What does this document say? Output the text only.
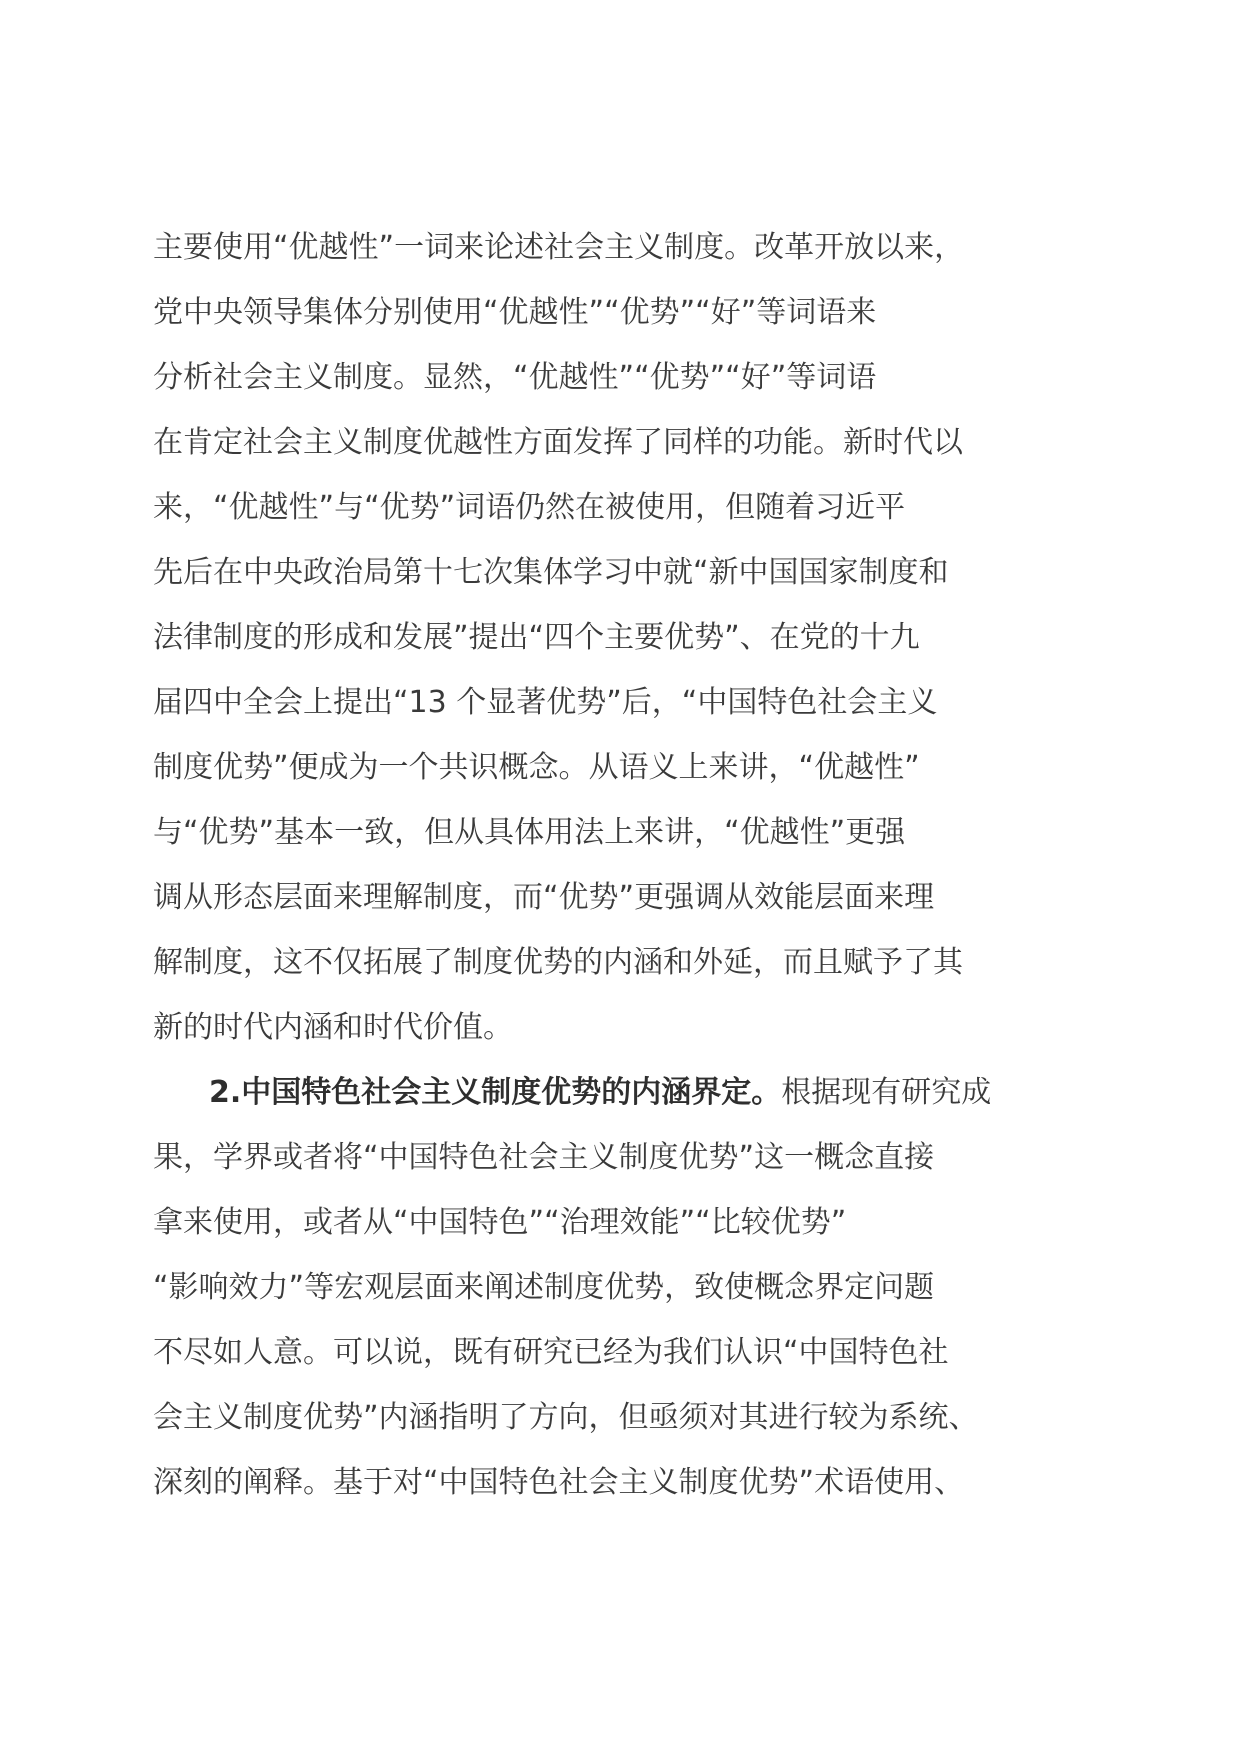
主要使用“优越性”一词来论述社会主义制度。改革开放以来，
党中央领导集体分别使用“优越性”“优势”“好”等词语来
分析社会主义制度。显然，“优越性”“优势”“好”等词语
在肯定社会主义制度优越性方面发挥了同样的功能。新时代以
来，“优越性”与“优势”词语仍然在被使用，但随着习近平
先后在中央政治局第十七次集体学习中就“新中国国家制度和
法律制度的形成和发展”提出“四个主要优势”、在党的十九
届四中全会上提出“13 个显著优势”后，“中国特色社会主义
制度优势”便成为一个共识概念。从语义上来讲，“优越性”
与“优势”基本一致，但从具体用法上来讲，“优越性”更强
调从形态层面来理解制度，而“优势”更强调从效能层面来理
解制度，这不仅拓展了制度优势的内涵和外延，而且赋予了其
新的时代内涵和时代价值。
2.中国特色社会主义制度优势的内涵界定。根据现有研究成
果，学界或者将“中国特色社会主义制度优势”这一概念直接
拿来使用，或者从“中国特色”“治理效能”“比较优势”
“影响效力”等宏观层面来阐述制度优势，致使概念界定问题
不尽如人意。可以说，既有研究已经为我们认识“中国特色社
会主义制度优势”内涵指明了方向，但亟须对其进行较为系统、
深刻的阐释。基于对“中国特色社会主义制度优势”术语使用、
